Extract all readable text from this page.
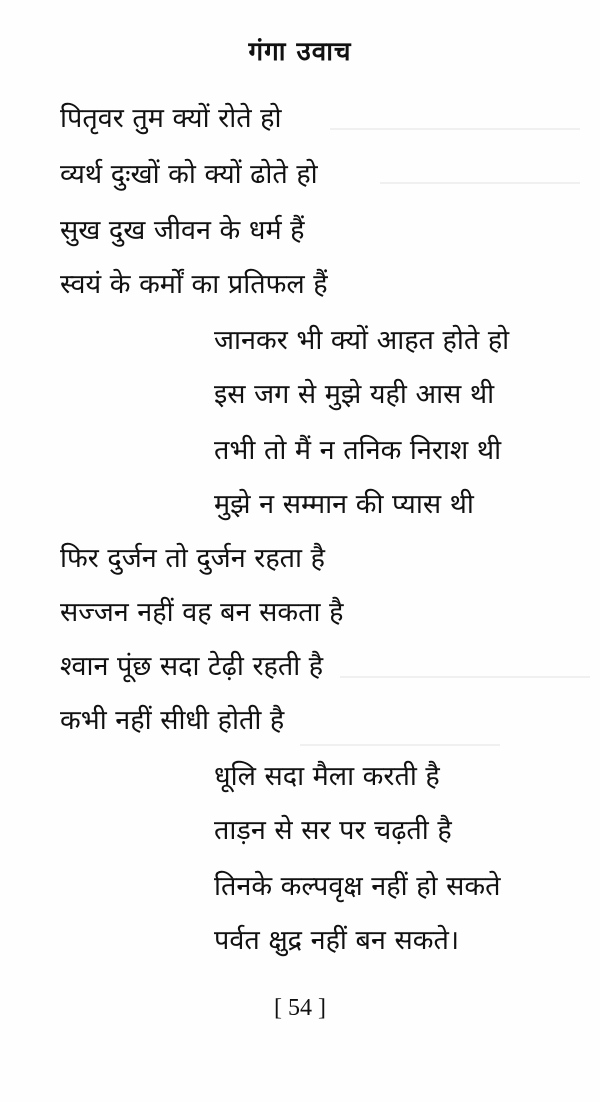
गंगा उवाच
पितृवर तुम क्यों रोते हो
व्यर्थ दुःखों को क्यों ढोते हो
सुख दुख जीवन के धर्म हैं
स्वयं के कर्मों का प्रतिफल हैं
जानकर भी क्यों आहत होते हो
इस जग से मुझे यही आस थी
तभी तो मैं न तनिक निराश थी
मुझे न सम्मान की प्यास थी
फिर दुर्जन तो दुर्जन रहता है
सज्जन नहीं वह बन सकता है
श्वान पूंछ सदा टेढ़ी रहती है
कभी नहीं सीधी होती है
धूलि सदा मैला करती है
ताड़न से सर पर चढ़ती है
तिनके कल्पवृक्ष नहीं हो सकते
पर्वत क्षुद्र नहीं बन सकते।
[ 54 ]
